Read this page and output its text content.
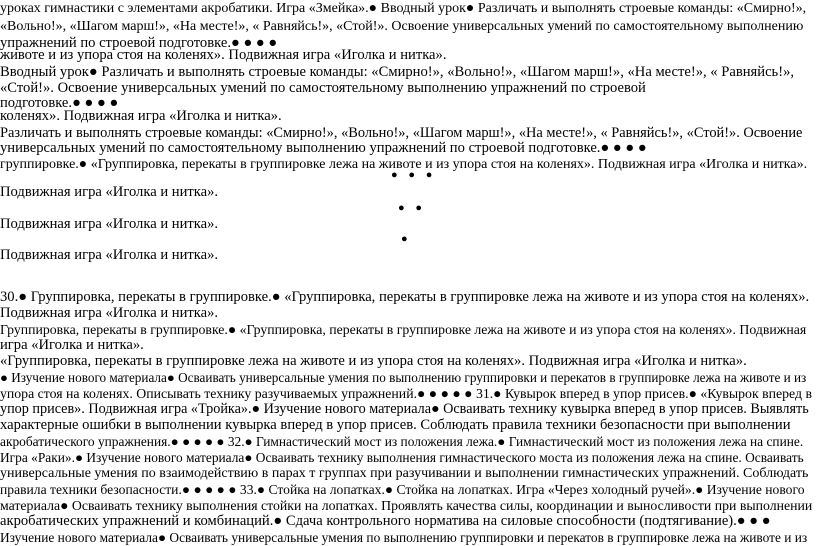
уроках гимнастики с элементами акробатики. Игра «Змейка».● Вводный урок● Различать и выполнять строевые команды: «Смирно!»,
«Вольно!», «Шагом марш!», «На месте!», « Равняйсь!», «Стой!». Освоение универсальных умений по самостоятельному выполнению
упражнений по строевой подготовке.● ● ● ●
животе и из упора стоя на коленях». Подвижная игра «Иголка и нитка».
Вводный урок● Различать и выполнять строевые команды: «Смирно!», «Вольно!», «Шагом марш!», «На месте!», « Равняйсь!»,
«Стой!». Освоение универсальных умений по самостоятельному выполнению упражнений по строевой
подготовке.● ● ● ●
коленях». Подвижная игра «Иголка и нитка».
Различать и выполнять строевые команды: «Смирно!», «Вольно!», «Шагом марш!», «На месте!», « Равняйсь!», «Стой!». Освоение
универсальных умений по самостоятельному выполнению упражнений по строевой подготовке.● ● ● ●
группировке.● «Группировка, перекаты в группировке лежа на животе и из упора стоя на коленях». Подвижная игра «Иголка и нитка».
● ● ●
Подвижная игра «Иголка и нитка».
● ●
Подвижная игра «Иголка и нитка».
●
Подвижная игра «Иголка и нитка».
30.● Группировка, перекаты в группировке.● «Группировка, перекаты в группировке лежа на животе и из упора стоя на коленях».
Подвижная игра «Иголка и нитка».
Группировка, перекаты в группировке.● «Группировка, перекаты в группировке лежа на животе и из упора стоя на коленях». Подвижная
игра «Иголка и нитка».
«Группировка, перекаты в группировке лежа на животе и из упора стоя на коленях». Подвижная игра «Иголка и нитка».
● Изучение нового материала● Осваивать универсальные умения по выполнению группировки и перекатов в группировке лежа на животе и из
упора стоя на коленях. Описывать технику разучиваемых упражнений.● ● ● ● ● 31.● Кувырок вперед в упор присев.● «Кувырок вперед в
упор присев». Подвижная игра «Тройка».● Изучение нового материала● Осваивать технику кувырка вперед в упор присев. Выявлять
характерные ошибки в выполнении кувырка вперед в упор присев. Соблюдать правила техники безопасности при выполнении
акробатического упражнения.● ● ● ● ● 32.● Гимнастический мост из положения лежа.● Гимнастический мост из положения лежа на спине.
Игра «Раки».● Изучение нового материала● Осваивать технику выполнения гимнастического моста из положения лежа на спине. Осваивать
универсальные умения по взаимодействию в парах т группах при разучивании и выполнении гимнастических упражнений. Соблюдать
правила техники безопасности.● ● ● ● ● 33.● Стойка на лопатках.● Стойка на лопатках. Игра «Через холодный ручей».● Изучение нового
материала● Осваивать технику выполнения стойки на лопатках. Проявлять качества силы, координации и выносливости при выполнении
акробатических упражнений и комбинаций.● Сдача контрольного норматива на силовые способности (подтягивание).● ● ●
Изучение нового материала● Осваивать универсальные умения по выполнению группировки и перекатов в группировке лежа на животе и из
